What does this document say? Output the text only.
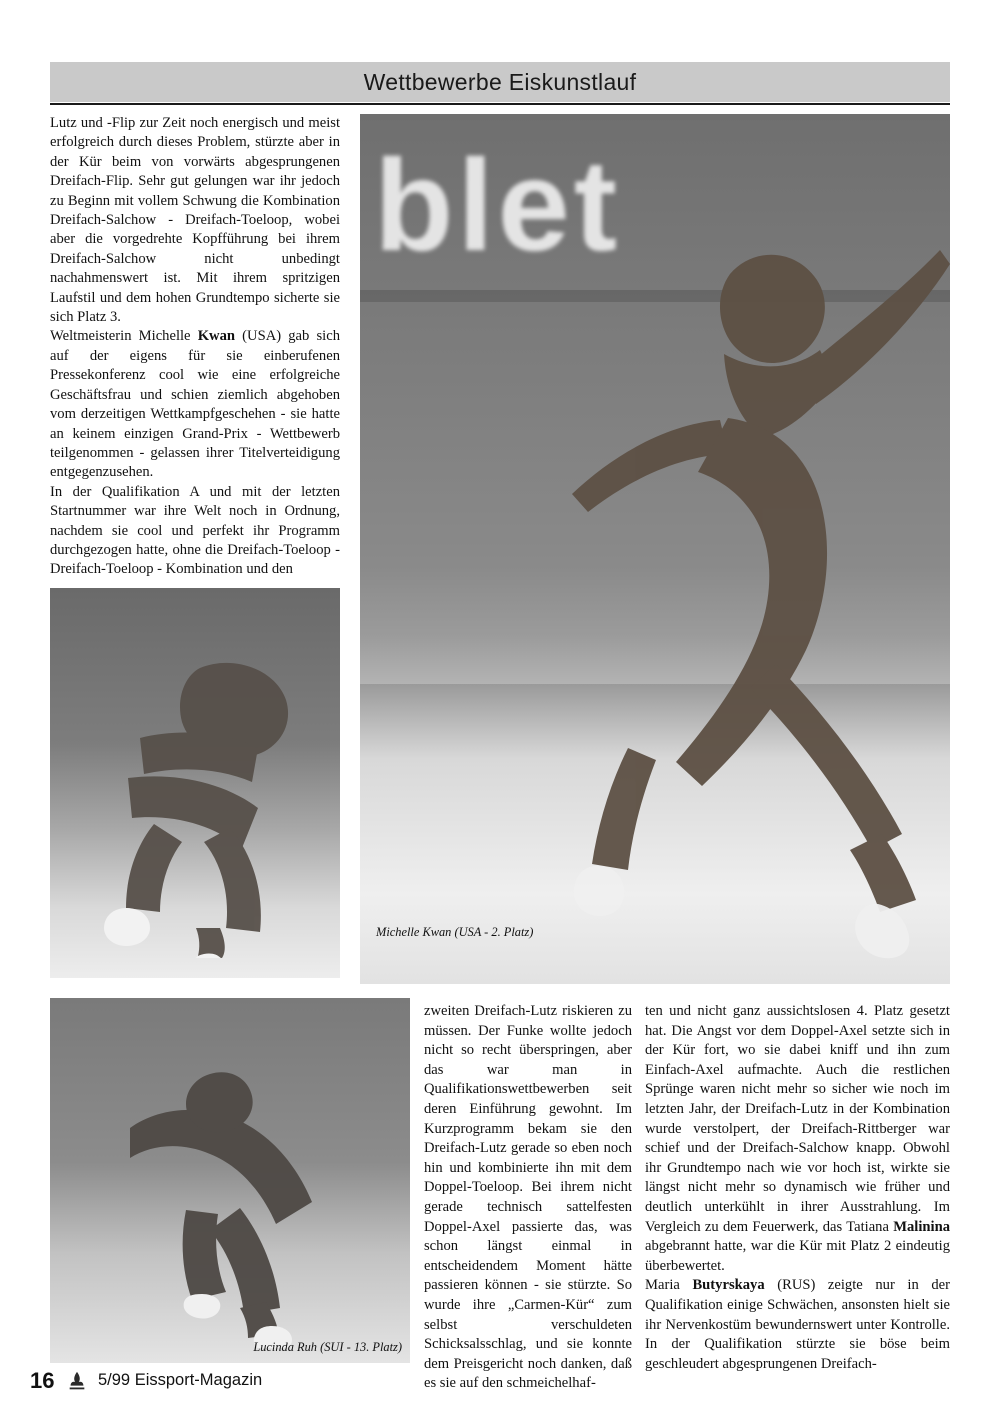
Wettbewerbe Eiskunstlauf

Lutz und -Flip zur Zeit noch energisch und meist erfolgreich durch dieses Problem, stürzte aber in der Kür beim von vorwärts abgesprungenen Dreifach-Flip. Sehr gut gelungen war ihr jedoch zu Beginn mit vollem Schwung die Kombination Dreifach-Salchow - Dreifach-Toeloop, wobei aber die vorgedrehte Kopfführung bei ihrem Dreifach-Salchow nicht unbedingt nachahmenswert ist. Mit ihrem spritzigen Laufstil und dem hohen Grundtempo sicherte sie sich Platz 3.

Weltmeisterin Michelle Kwan (USA) gab sich auf der eigens für sie einberufenen Pressekonferenz cool wie eine erfolgreiche Geschäftsfrau und schien ziemlich abgehoben vom derzeitigen Wettkampfgeschehen - sie hatte an keinem einzigen Grand-Prix - Wettbewerb teilgenommen - gelassen ihrer Titelverteidigung entgegenzusehen.

In der Qualifikation A und mit der letzten Startnummer war ihre Welt noch in Ordnung, nachdem sie cool und perfekt ihr Programm durchgezogen hatte, ohne die Dreifach-Toeloop - Dreifach-Toeloop - Kombination und den

blet
Michelle Kwan (USA - 2. Platz)
Lucinda Ruh (SUI - 13. Platz)
zweiten Dreifach-Lutz riskieren zu müssen. Der Funke wollte jedoch nicht so recht überspringen, aber das war man in Qualifikationswettbewerben seit deren Einführung gewohnt. Im Kurzprogramm bekam sie den Dreifach-Lutz gerade so eben noch hin und kombinierte ihn mit dem Doppel-Toeloop. Bei ihrem nicht gerade technisch sattelfesten Doppel-Axel passierte das, was schon längst einmal in entscheidendem Moment hätte passieren können - sie stürzte. So wurde ihre „Carmen-Kür“ zum selbst verschuldeten Schicksalsschlag, und sie konnte dem Preisgericht noch danken, daß es sie auf den schmeichelhaf-

ten und nicht ganz aussichtslosen 4. Platz gesetzt hat. Die Angst vor dem Doppel-Axel setzte sich in der Kür fort, wo sie dabei kniff und ihn zum Einfach-Axel aufmachte. Auch die restlichen Sprünge waren nicht mehr so sicher wie noch im letzten Jahr, der Dreifach-Lutz in der Kombination wurde verstolpert, der Dreifach-Rittberger war schief und der Dreifach-Salchow knapp. Obwohl ihr Grundtempo nach wie vor hoch ist, wirkte sie längst nicht mehr so dynamisch wie früher und deutlich unterkühlt in ihrer Ausstrahlung. Im Vergleich zu dem Feuerwerk, das Tatiana Malinina abgebrannt hatte, war die Kür mit Platz 2 eindeutig überbewertet.

Maria Butyrskaya (RUS) zeigte nur in der Qualifikation einige Schwächen, ansonsten hielt sie ihr Nervenkostüm bewundernswert unter Kontrolle. In der Qualifikation stürzte sie böse beim geschleudert abgesprungenen Dreifach-

16	5/99 Eissport-Magazin
